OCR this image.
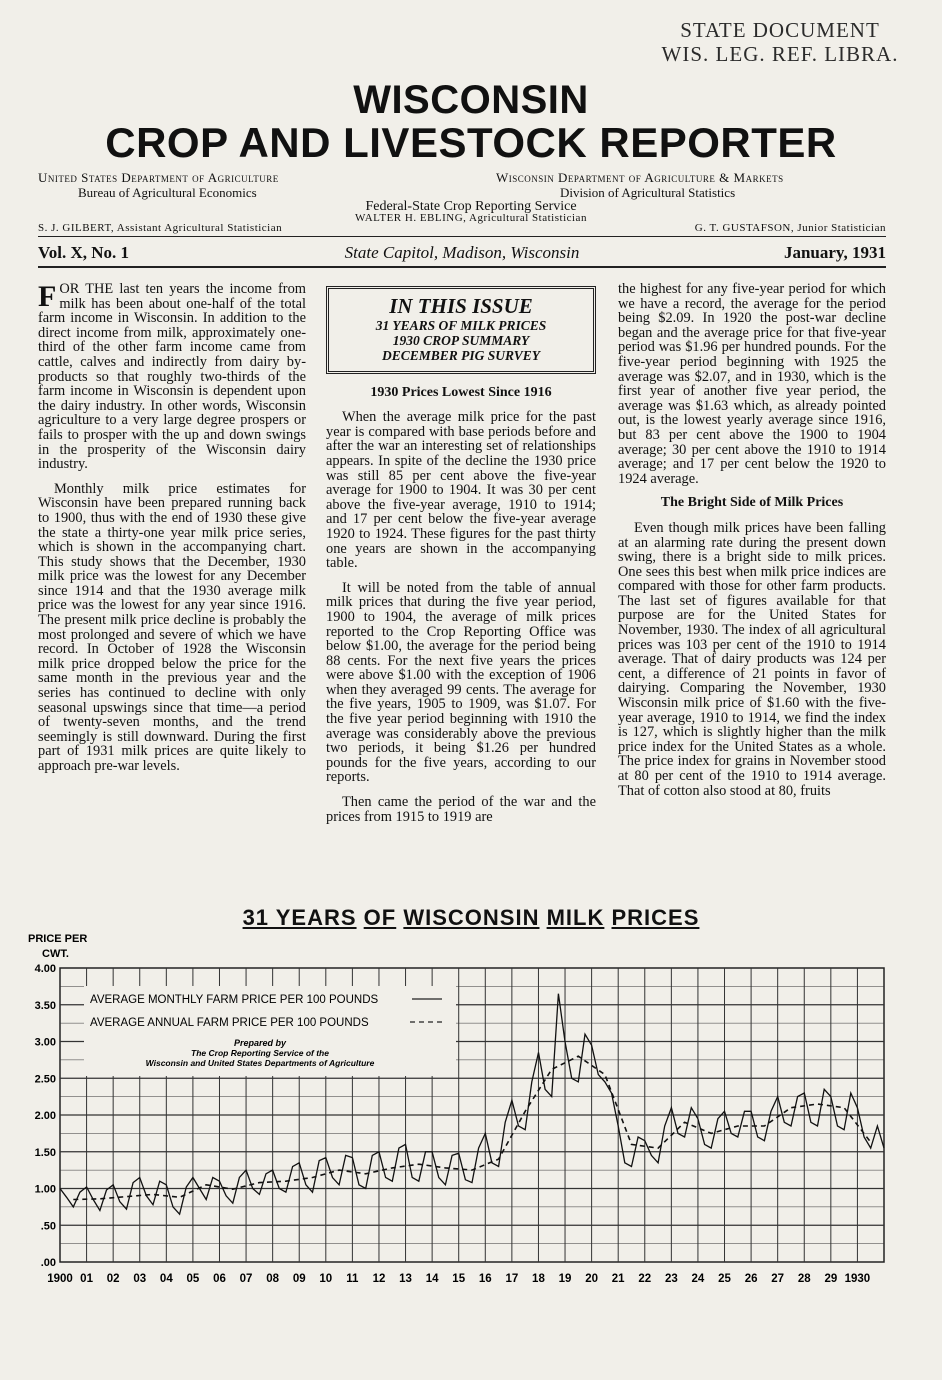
STATE DOCUMENT
WIS. LEG. REF. LIBRA.
WISCONSIN
CROP AND LIVESTOCK REPORTER
United States Department of Agriculture
Bureau of Agricultural Economics
Wisconsin Department of Agriculture & Markets
Division of Agricultural Statistics
Federal-State Crop Reporting Service
WALTER H. EBLING, Agricultural Statistician
S. J. GILBERT, Assistant Agricultural Statistician	G. T. GUSTAFSON, Junior Statistician
Vol. X, No. 1	State Capitol, Madison, Wisconsin	January, 1931

FOR THE last ten years the income from milk has been about one-half of the total farm income in Wisconsin. In addition to the direct income from milk, approximately one-third of the other farm income came from cattle, calves and indirectly from dairy by-products so that roughly two-thirds of the farm income in Wisconsin is dependent upon the dairy industry. In other words, Wisconsin agriculture to a very large degree prospers or fails to prosper with the up and down swings in the prosperity of the Wisconsin dairy industry.

Monthly milk price estimates for Wisconsin have been prepared running back to 1900, thus with the end of 1930 these give the state a thirty-one year milk price series, which is shown in the accompanying chart. This study shows that the December, 1930 milk price was the lowest for any December since 1914 and that the 1930 average milk price was the lowest for any year since 1916. The present milk price decline is probably the most prolonged and severe of which we have record. In October of 1928 the Wisconsin milk price dropped below the price for the same month in the previous year and the series has continued to decline with only seasonal upswings since that time—a period of twenty-seven months, and the trend seemingly is still downward. During the first part of 1931 milk prices are quite likely to approach pre-war levels.

IN THIS ISSUE
31 YEARS OF MILK PRICES
1930 CROP SUMMARY
DECEMBER PIG SURVEY
1930 Prices Lowest Since 1916

When the average milk price for the past year is compared with base periods before and after the war an interesting set of relationships appears. In spite of the decline the 1930 price was still 85 per cent above the five-year average for 1900 to 1904. It was 30 per cent above the five-year average, 1910 to 1914; and 17 per cent below the five-year average 1920 to 1924. These figures for the past thirty one years are shown in the accompanying table.

It will be noted from the table of annual milk prices that during the five year period, 1900 to 1904, the average of milk prices reported to the Crop Reporting Office was below $1.00, the average for the period being 88 cents. For the next five years the prices were above $1.00 with the exception of 1906 when they averaged 99 cents. The average for the five years, 1905 to 1909, was $1.07. For the five year period beginning with 1910 the average was considerably above the previous two periods, it being $1.26 per hundred pounds for the five years, according to our reports.

Then came the period of the war and the prices from 1915 to 1919 are

the highest for any five-year period for which we have a record, the average for the period being $2.09. In 1920 the post-war decline began and the average price for that five-year period was $1.96 per hundred pounds. For the five-year period beginning with 1925 the average was $2.07, and in 1930, which is the first year of another five year period, the average was $1.63 which, as already pointed out, is the lowest yearly average since 1916, but 83 per cent above the 1900 to 1904 average; 30 per cent above the 1910 to 1914 average; and 17 per cent below the 1920 to 1924 average.

The Bright Side of Milk Prices

Even though milk prices have been falling at an alarming rate during the present down swing, there is a bright side to milk prices. One sees this best when milk price indices are compared with those for other farm products. The last set of figures available for that purpose are for the United States for November, 1930. The index of all agricultural prices was 103 per cent of the 1910 to 1914 average. That of dairy products was 124 per cent, a difference of 21 points in favor of dairying. Comparing the November, 1930 Wisconsin milk price of $1.60 with the five-year average, 1910 to 1914, we find the index is 127, which is slightly higher than the milk price index for the United States as a whole. The price index for grains in November stood at 80 per cent of the 1910 to 1914 average. That of cotton also stood at 80, fruits

31 YEARS OF WISCONSIN MILK PRICES
.00
.50
1.00
1.50
2.00
2.50
3.00
3.50
4.00
1900 01 02 03 04 05 06 07 08 09 10 11 12 13 14 15 16 17 18 19 20 21 22 23 24 25 26 27 28 29 1930
PRICE PER
CWT.
AVERAGE MONTHLY FARM PRICE PER 100 POUNDS
AVERAGE ANNUAL FARM PRICE PER 100 POUNDS
Prepared by
The Crop Reporting Service of the
Wisconsin and United States Departments of Agriculture
